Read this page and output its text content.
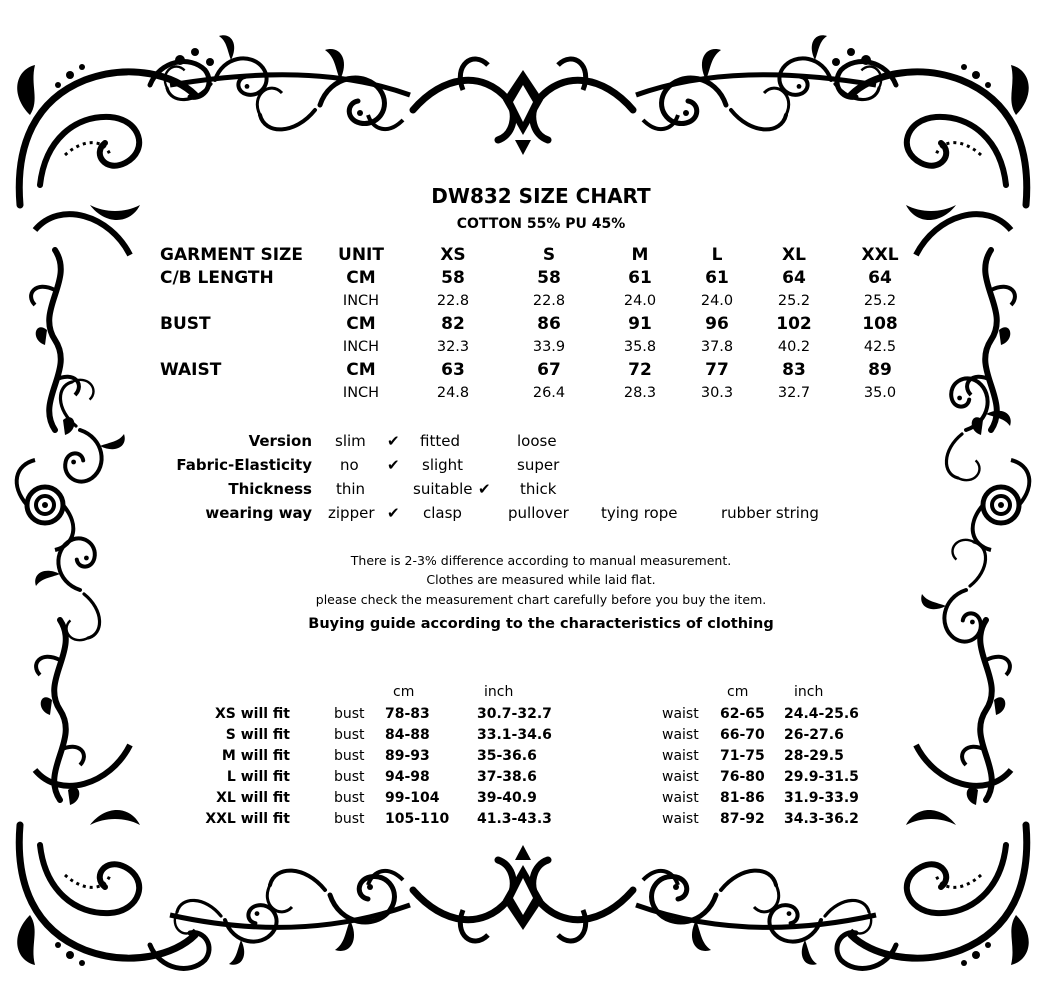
DW832 SIZE CHART
COTTON 55% PU 45%
GARMENT SIZE UNIT	XS	S	M	L	XL	XXL
C/B LENGTH	CM	58	58	61	61	64	64
INCH	22.8	22.8	24.0	24.0	25.2	25.2
BUST	CM	82	86	91	96	102	108
INCH	32.3	33.9	35.8	37.8	40.2	42.5
WAIST	CM	63	67	72	77	83	89
INCH	24.8	26.4	28.3	30.3	32.7	35.0
Version slim ✔ fitted	loose
Fabric-Elasticity no ✔ slight	super
Thickness thin	suitable ✔ thick
wearing way zipper ✔ clasp	pullover tying rope	rubber string
There is 2-3% difference according to manual measurement.
Clothes are measured while laid flat.
please check the measurement chart carefully before you buy the item.
Buying guide according to the characteristics of clothing
cm	inch	cm	inch
XS will fit	bust 78-83	30.7-32.7	waist 62-65 24.4-25.6
S will fit	bust 84-88	33.1-34.6	waist 66-70 26-27.6
M will fit	bust 89-93	35-36.6	waist 71-75 28-29.5
L will fit	bust 94-98	37-38.6	waist 76-80 29.9-31.5
XL will fit	bust 99-104	39-40.9	waist 81-86 31.9-33.9
XXL will fit	bust 105-110 41.3-43.3	waist 87-92 34.3-36.2
